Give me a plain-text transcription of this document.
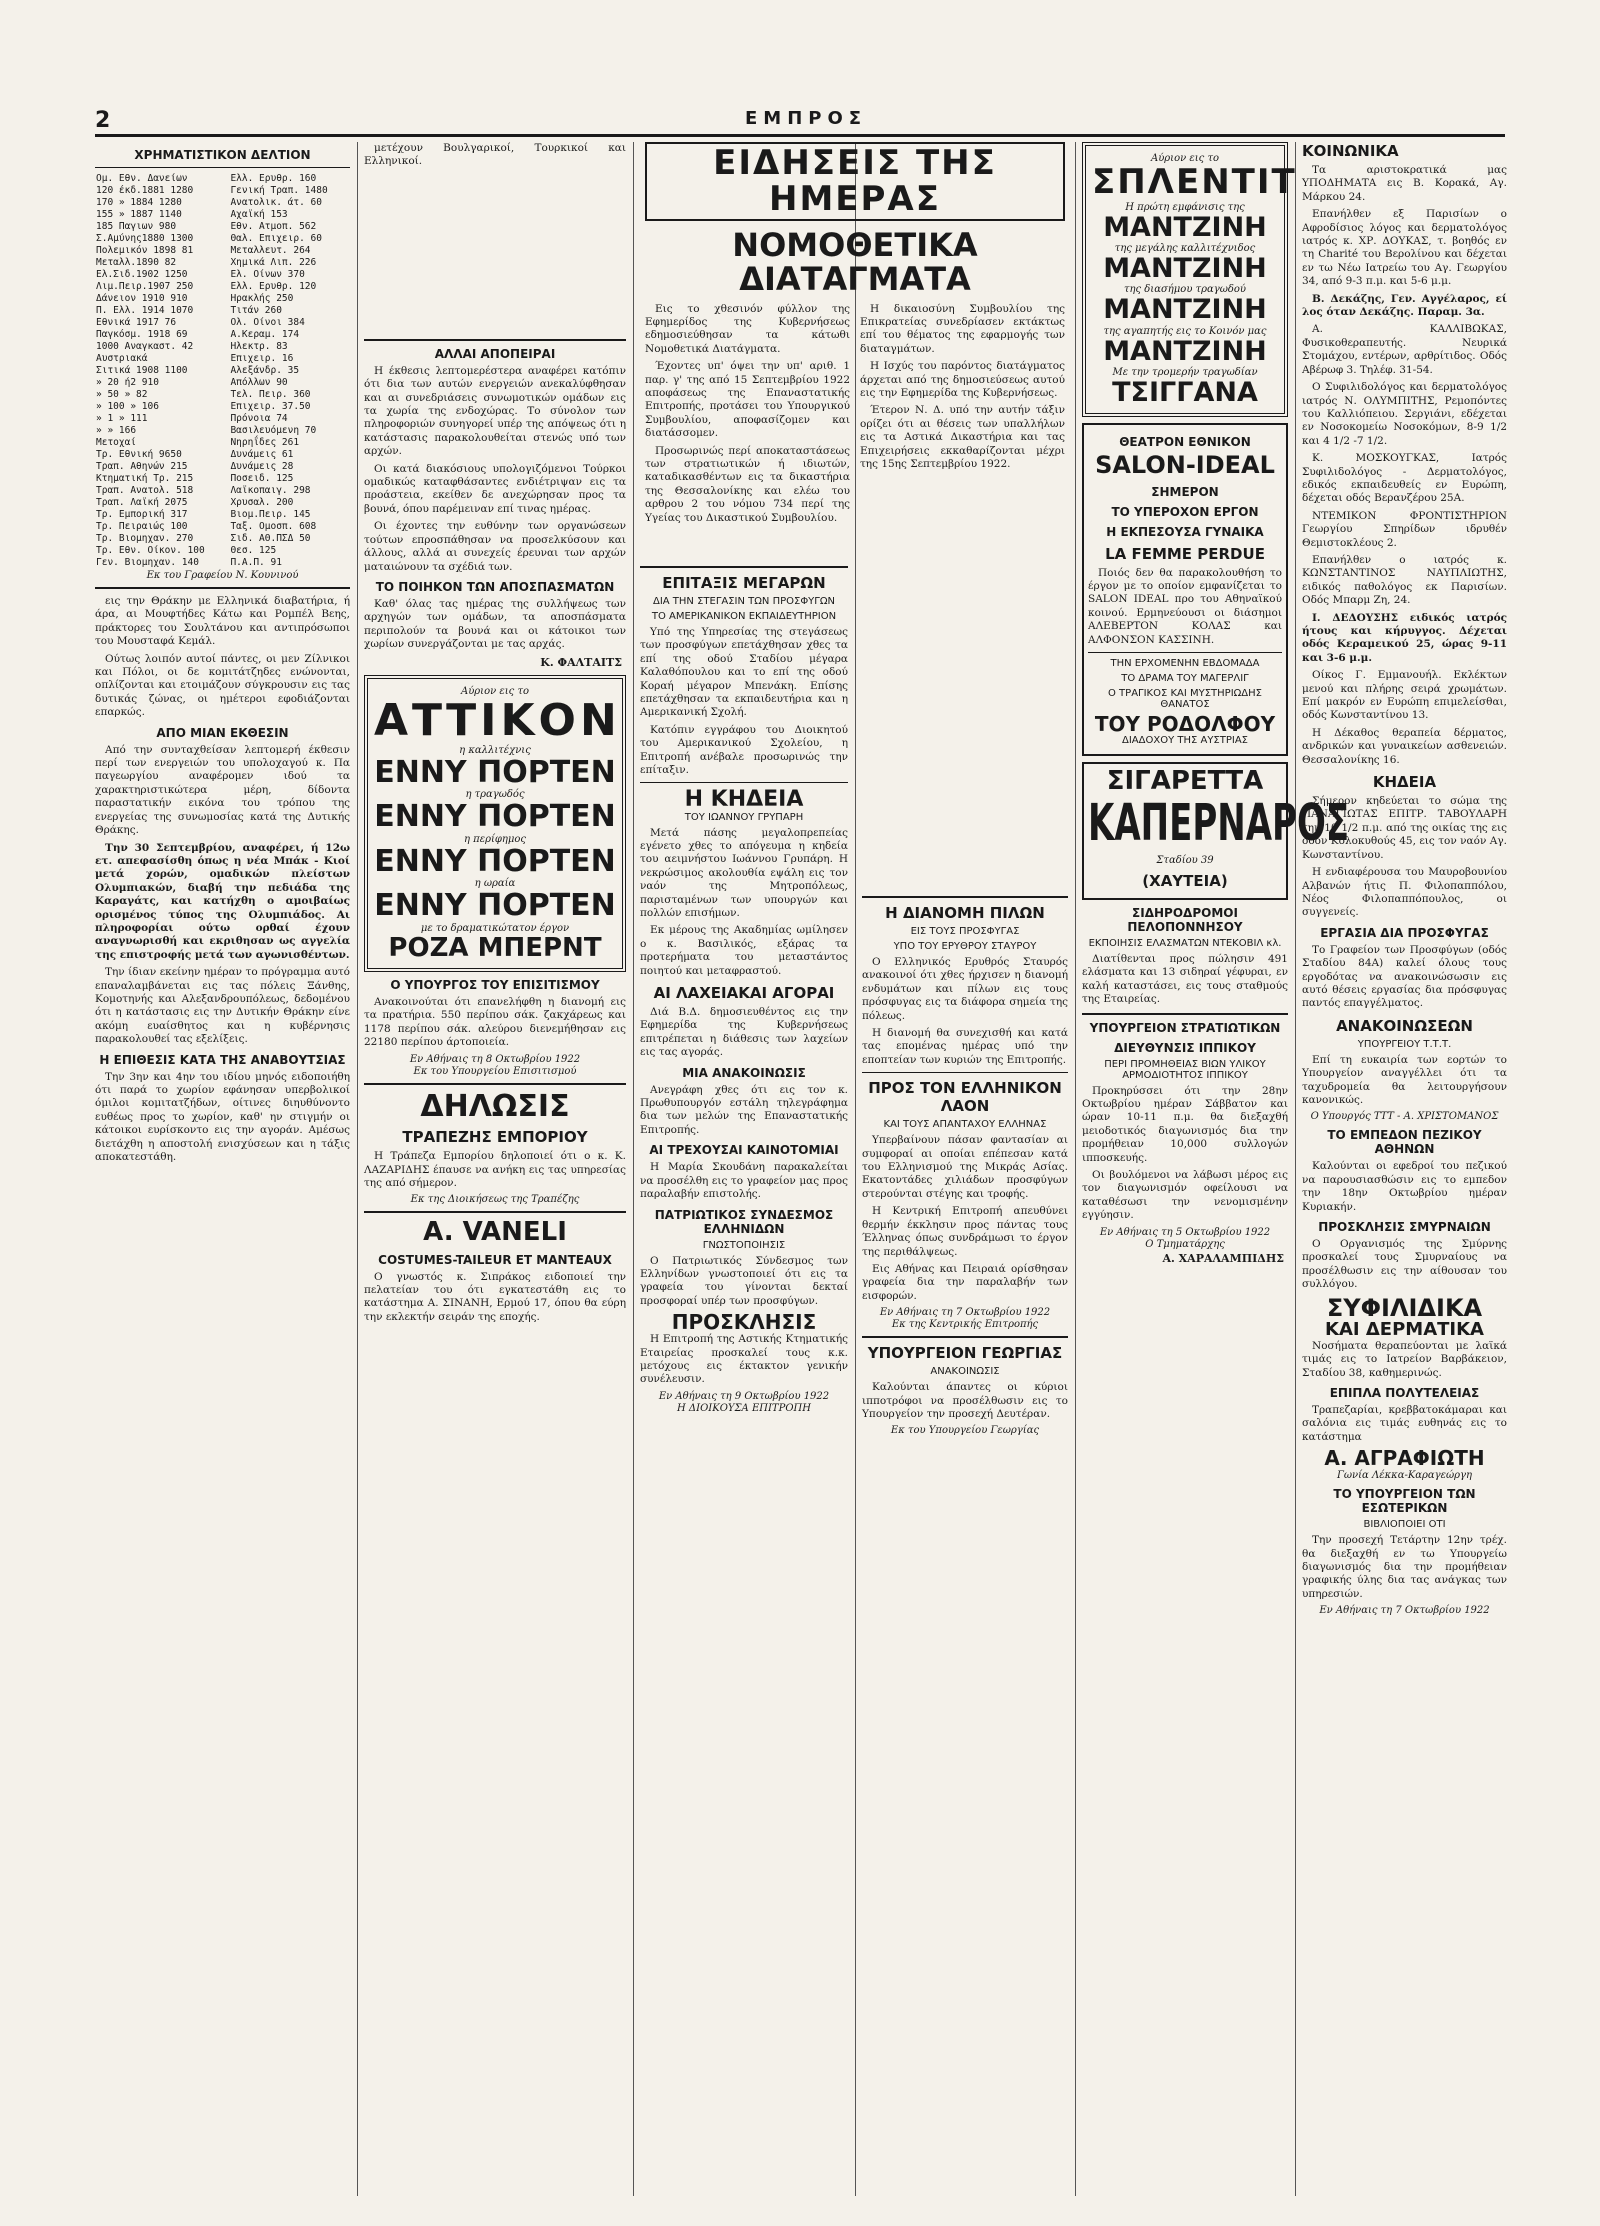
2	ΕΜΠΡΟΣ
ΧΡΗΜΑΤΙΣΤΙΚΟΝ ΔΕΛΤΙΟΝ
Ομ. Εθν. Δανείων	Ελλ. Ερυθρ. 160
120 έκδ.1881 1280	Γενική Τραπ. 1480
170 » 1884 1280	Ανατολικ. άτ. 60
155 » 1887 1140	Αχαϊκή 153
185 Παγιων 980	Εθν. Ατμοπ. 562
Σ.Αμύνης1880 1300	Θαλ. Επιχειρ. 60
Πολεμικόν 1898 81	Μεταλλευτ. 264
Μεταλλ.1890 82	Χημικά Λιπ. 226
Ελ.Σιδ.1902 1250	Ελ. Οίνων 370
Λιμ.Πειρ.1907 250	Ελλ. Ερυθρ. 120
Δάνειον 1910 910	Ηρακλής 250
Π. Ελλ. 1914 1070	Τιτάν 260
Εθνικά 1917 76	Ολ. Οίνοι 384
Παγκόσμ. 1918 69	Α.Κεραμ. 174
1000 Αναγκαστ. 42	Ηλεκτρ. 83
Αυστριακά	Επιχειρ. 16
Σιτικά 1908 1100	Αλεξάνδρ. 35
» 20 ή2 910	Απόλλων 90
» 50 » 82	Τελ. Πειρ. 360
» 100 » 106	Επιχειρ. 37.50
» 1 » 111	Πρόνοια 74
» » 166	Βασιλευόμενη 70
Μετοχαί	Νηρηΐδες 261
Τρ. Εθνική 9650	Δυνάμεις 61
Τραπ. Αθηνών 215	Δυνάμεις 28
Κτηματική Τρ. 215	Ποσειδ. 125
Τραπ. Ανατολ. 518	Λαϊκοπαιγ. 298
Τραπ. Λαϊκή 2075	Χρυσαλ. 200
Τρ. Εμπορική 317	Βιομ.Πειρ. 145
Τρ. Πειραιώς 100	Ταξ. Ομοσπ. 608
Τρ. Βιομηχαν. 270	Σιδ. ΑΘ.ΠΣΔ 50
Τρ. Εθν. Οίκον. 100	Θεσ. 125
Γεν. Βιομηχαν. 140	Π.Α.Π. 91
Εκ του Γραφείου Ν. Κουνινού

εις την Θράκην με Ελληνικά διαβατήρια, ή άρα, αι Μουφτήδες Κάτω και Ρομπέλ Βεης, πράκτορες του Σουλτάνου και αντιπρόσωποι του Μουσταφά Κεμάλ.

Ούτως λοιπόν αυτοί πάντες, οι μεν Ζίλνικοι και Πόλοι, οι δε κομιτάτζηδες ενώνονται, οπλίζονται και ετοιμάζουν σύγκρουσιν εις τας δυτικάς ζώνας, οι ημέτεροι εφοδιάζονται επαρκώς.

ΑΠΟ ΜΙΑΝ ΕΚΘΕΣΙΝ

Από την συνταχθείσαν λεπτομερή έκθεσιν περί των ενεργειών του υπολοχαγού κ. Πα παγεωργίου αναφέρομεν ιδού τα χαρακτηριστικώτερα μέρη, δίδοντα παραστατικήν εικόνα του τρόπου της ενεργείας της συνωμοσίας κατά της Δυτικής Θράκης.

Την 30 Σεπτεμβρίου, αναφέρει, ή 12ω ετ. απεφασίσθη όπως η νέα Μπάκ - Κιοί μετά χορών, ομαδικών πλείστων Ολυμπιακών, διαβή την πεδιάδα της Καραγάτς, και κατήχθη ο αμοιβαίως ορισμένος τύπος της Ολυμπιάδος. Αι πληροφορίαι ούτω ορθαί έχουν αναγνωρισθή και εκριθησαν ως αγγελία της επιστροφής μετά των αγωνισθέντων.

Την ίδιαν εκείνην ημέραν το πρόγραμμα αυτό επαναλαμβάνεται εις τας πόλεις Ξάνθης, Κομοτηνής και Αλεξανδρουπόλεως, δεδομένου ότι η κατάστασις εις την Δυτικήν Θράκην είνε ακόμη ευαίσθητος και η κυβέρνησις παρακολουθεί τας εξελίξεις.

Η ΕΠΙΘΕΣΙΣ ΚΑΤΑ ΤΗΣ ΑΝΑΒΟΥΤΣΙΑΣ

Την 3ην και 4ην του ιδίου μηνός ειδοποιήθη ότι παρά το χωρίον εφάνησαν υπερβολικοί όμιλοι κομιτατζήδων, οίτινες διηυθύνοντο ευθέως προς το χωρίον, καθ' ην στιγμήν οι κάτοικοι ευρίσκοντο εις την αγοράν. Αμέσως διετάχθη η αποστολή ενισχύσεων και η τάξις αποκατεστάθη.

μετέχουν Βουλγαρικοί, Τουρκικοί και Ελληνικοί.

ΑΛΛΑΙ ΑΠΟΠΕΙΡΑΙ

Η έκθεσις λεπτομερέστερα αναφέρει κατόπιν ότι δια των αυτών ενεργειών ανεκαλύφθησαν και αι συνεδριάσεις συνωμοτικών ομάδων εις τα χωρία της ενδοχώρας. Το σύνολον των πληροφοριών συνηγορεί υπέρ της απόψεως ότι η κατάστασις παρακολουθείται στενώς υπό των αρχών.

Οι κατά διακόσιους υπολογιζόμενοι Τούρκοι ομαδικώς καταφθάσαντες ενδιέτριψαν εις τα προάστεια, εκείθεν δε ανεχώρησαν προς τα βουνά, όπου παρέμειναν επί τινας ημέρας.

Οι έχοντες την ευθύνην των οργανώσεων τούτων επροσπάθησαν να προσελκύσουν και άλλους, αλλά αι συνεχείς έρευναι των αρχών ματαιώνουν τα σχέδιά των.

ΤΟ ΠΟΙΗΚΟΝ ΤΩΝ ΑΠΟΣΠΑΣΜΑΤΩΝ

Καθ' όλας τας ημέρας της συλλήψεως των αρχηγών των ομάδων, τα αποσπάσματα περιπολούν τα βουνά και οι κάτοικοι των χωρίων συνεργάζονται με τας αρχάς.

Κ. ΦΑΛΤΑΙΤΣ
Αύριον εις το
ΑΤΤΙΚΟΝ
η καλλιτέχνις
ΕΝΝΥ ΠΟΡΤΕΝ
η τραγωδός
ΕΝΝΥ ΠΟΡΤΕΝ
η περίφημος
ΕΝΝΥ ΠΟΡΤΕΝ
η ωραία
ΕΝΝΥ ΠΟΡΤΕΝ
με το δραματικώτατον έργον
ΡΟΖΑ ΜΠΕΡΝΤ
Ο ΥΠΟΥΡΓΟΣ ΤΟΥ ΕΠΙΣΙΤΙΣΜΟΥ

Ανακοινούται ότι επανελήφθη η διανομή εις τα πρατήρια. 550 περίπου σάκ. ζακχάρεως και 1178 περίπου σάκ. αλεύρου διενεμήθησαν εις 22180 περίπου άρτοποιεία.

Εν Αθήναις τη 8 Οκτωβρίου 1922
Εκ του Υπουργείου Επισιτισμού
ΔΗΛΩΣΙΣ
ΤΡΑΠΕΖΗΣ ΕΜΠΟΡΙΟΥ

Η Τράπεζα Εμπορίου δηλοποιεί ότι ο κ. Κ. ΛΑΖΑΡΙΔΗΣ έπαυσε να ανήκη εις τας υπηρεσίας της από σήμερον.

Εκ της Διοικήσεως της Τραπέζης
A. VANELI
COSTUMES-TAILEUR ET MANTEAUX

Ο γνωστός κ. Σιπράκος ειδοποιεί την πελατείαν του ότι εγκατεστάθη εις το κατάστημα Α. ΣΙΝΑΝΗ, Ερμού 17, όπου θα εύρη την εκλεκτήν σειράν της εποχής.

ΕΙΔΗΣΕΙΣ ΤΗΣ ΗΜΕΡΑΣ
ΝΟΜΟΘΕΤΙΚΑ ΔΙΑΤΑΓΜΑΤΑ

Εις το χθεσινόν φύλλον της Εφημερίδος της Κυβερνήσεως εδημοσιεύθησαν τα κάτωθι Νομοθετικά Διατάγματα.

Έχοντες υπ' όψει την υπ' αριθ. 1 παρ. γ' της από 15 Σεπτεμβρίου 1922 αποφάσεως της Επαναστατικής Επιτροπής, προτάσει του Υπουργικού Συμβουλίου, αποφασίζομεν και διατάσσομεν.

Προσωρινώς περί αποκαταστάσεως των στρατιωτικών ή ιδιωτών, καταδικασθέντων εις τα δικαστήρια της Θεσσαλονίκης και ελέω του αρθρου 2 του νόμου 734 περί της Υγείας του Δικαστικού Συμβουλίου.

Η δικαιοσύνη Συμβουλίου της Επικρατείας συνεδρίασεν εκτάκτως επί του θέματος της εφαρμογής των διαταγμάτων.

Η Ισχύς του παρόντος διατάγματος άρχεται από της δημοσιεύσεως αυτού εις την Εφημερίδα της Κυβερνήσεως.

Έτερον Ν. Δ. υπό την αυτήν τάξιν ορίζει ότι αι θέσεις των υπαλλήλων εις τα Αστικά Δικαστήρια και τας Επιχειρήσεις εκκαθαρίζονται μέχρι της 15ης Σεπτεμβρίου 1922.

ΕΠΙΤΑΞΙΣ ΜΕΓΑΡΩΝ
ΔΙΑ ΤΗΝ ΣΤΕΓΑΣΙΝ ΤΩΝ ΠΡΟΣΦΥΓΩΝ
ΤΟ ΑΜΕΡΙΚΑΝΙΚΟΝ ΕΚΠΑΙΔΕΥΤΗΡΙΟΝ

Υπό της Υπηρεσίας της στεγάσεως των προσφύγων επετάχθησαν χθες τα επί της οδού Σταδίου μέγαρα Καλαθόπουλου και το επί της οδού Κοραή μέγαρον Μπενάκη. Επίσης επετάχθησαν τα εκπαιδευτήρια και η Αμερικανική Σχολή.

Κατόπιν εγγράφου του Διοικητού του Αμερικανικού Σχολείου, η Επιτροπή ανέβαλε προσωρινώς την επίταξιν.

Η ΚΗΔΕΙΑ
ΤΟΥ ΙΩΑΝΝΟΥ ΓΡΥΠΑΡΗ

Μετά πάσης μεγαλοπρεπείας εγένετο χθες το απόγευμα η κηδεία του αειμνήστου Ιωάννου Γρυπάρη. Η νεκρώσιμος ακολουθία εψάλη εις τον ναόν της Μητροπόλεως, παρισταμένων των υπουργών και πολλών επισήμων.

Εκ μέρους της Ακαδημίας ωμίλησεν ο κ. Βασιλικός, εξάρας τα προτερήματα του μεταστάντος ποιητού και μεταφραστού.

ΑΙ ΛΑΧΕΙΑΚΑΙ ΑΓΟΡΑΙ

Διά Β.Δ. δημοσιευθέντος εις την Εφημερίδα της Κυβερνήσεως επιτρέπεται η διάθεσις των λαχείων εις τας αγοράς.

ΜΙΑ ΑΝΑΚΟΙΝΩΣΙΣ

Ανεγράφη χθες ότι εις τον κ. Πρωθυπουργόν εστάλη τηλεγράφημα δια των μελών της Επαναστατικής Επιτροπής.

ΑΙ ΤΡΕΧΟΥΣΑΙ ΚΑΙΝΟΤΟΜΙΑΙ

Η Μαρία Σκουδάνη παρακαλείται να προσέλθη εις το γραφείον μας προς παραλαβήν επιστολής.

ΠΑΤΡΙΩΤΙΚΟΣ ΣΥΝΔΕΣΜΟΣ ΕΛΛΗΝΙΔΩΝ
ΓΝΩΣΤΟΠΟΙΗΣΙΣ

Ο Πατριωτικός Σύνδεσμος των Ελληνίδων γνωστοποιεί ότι εις τα γραφεία του γίνονται δεκταί προσφοραί υπέρ των προσφύγων.

ΠΡΟΣΚΛΗΣΙΣ

Η Επιτροπή της Αστικής Κτηματικής Εταιρείας προσκαλεί τους κ.κ. μετόχους εις έκτακτον γενικήν συνέλευσιν.

Εν Αθήναις τη 9 Οκτωβρίου 1922
Η ΔΙΟΙΚΟΥΣΑ ΕΠΙΤΡΟΠΗ
Η ΔΙΑΝΟΜΗ ΠΙΛΩΝ
ΕΙΣ ΤΟΥΣ ΠΡΟΣΦΥΓΑΣ
ΥΠΟ ΤΟΥ ΕΡΥΘΡΟΥ ΣΤΑΥΡΟΥ

Ο Ελληνικός Ερυθρός Σταυρός ανακοινοί ότι χθες ήρχισεν η διανομή ενδυμάτων και πίλων εις τους πρόσφυγας εις τα διάφορα σημεία της πόλεως.

Η διανομή θα συνεχισθή και κατά τας επομένας ημέρας υπό την εποπτείαν των κυριών της Επιτροπής.

ΠΡΟΣ ΤΟΝ ΕΛΛΗΝΙΚΟΝ ΛΑΟΝ
ΚΑΙ ΤΟΥΣ ΑΠΑΝΤΑΧΟΥ ΕΛΛΗΝΑΣ

Υπερβαίνουν πάσαν φαντασίαν αι συμφοραί αι οποίαι επέπεσαν κατά του Ελληνισμού της Μικράς Ασίας. Εκατοντάδες χιλιάδων προσφύγων στερούνται στέγης και τροφής.

Η Κεντρική Επιτροπή απευθύνει θερμήν έκκλησιν προς πάντας τους Έλληνας όπως συνδράμωσι το έργον της περιθάλψεως.

Εις Αθήνας και Πειραιά ορίσθησαν γραφεία δια την παραλαβήν των εισφορών.

Εν Αθήναις τη 7 Οκτωβρίου 1922
Εκ της Κεντρικής Επιτροπής
ΥΠΟΥΡΓΕΙΟΝ ΓΕΩΡΓΙΑΣ
ΑΝΑΚΟΙΝΩΣΙΣ

Καλούνται άπαντες οι κύριοι ιπποτρόφοι να προσέλθωσιν εις το Υπουργείον την προσεχή Δευτέραν.

Εκ του Υπουργείου Γεωργίας
Αύριον εις το
ΣΠΛΕΝΤΙΤ
Η πρώτη εμφάνισις της
ΜΑΝΤΖΙΝΗ
της μεγάλης καλλιτέχνιδος
ΜΑΝΤΖΙΝΗ
της διασήμου τραγωδού
ΜΑΝΤΖΙΝΗ
της αγαπητής εις το Κοινόν μας
ΜΑΝΤΖΙΝΗ
Με την τρομερήν τραγωδίαν
ΤΣΙΓΓΑΝΑ
ΘΕΑΤΡΟΝ ΕΘΝΙΚΟΝ
SALON-IDEAL
ΣΗΜΕΡΟΝ
ΤΟ ΥΠΕΡΟΧΟΝ ΕΡΓΟΝ
Η ΕΚΠΕΣΟΥΣΑ ΓΥΝΑΙΚΑ
LA FEMME PERDUE

Ποιός δεν θα παρακολουθήση το έργον με το οποίον εμφανίζεται το SALON IDEAL προ του Αθηναϊκού κοινού. Ερμηνεύουσι οι διάσημοι ΑΛΕΒΕΡΤΟΝ ΚΟΛΑΣ και ΑΛΦΟΝΣΟΝ ΚΑΣΣΙΝΗ.

ΤΗΝ ΕΡΧΟΜΕΝΗΝ ΕΒΔΟΜΑΔΑ
ΤΟ ΔΡΑΜΑ ΤΟΥ ΜΑΓΕΡΛΙΓ
Ο ΤΡΑΓΙΚΟΣ ΚΑΙ ΜΥΣΤΗΡΙΩΔΗΣ ΘΑΝΑΤΟΣ
ΤΟΥ ΡΟΔΟΛΦΟΥ
ΔΙΑΔΟΧΟΥ ΤΗΣ ΑΥΣΤΡΙΑΣ
ΣΙΓΑΡΕΤΤΑ
ΚΑΠΕΡΝΑΡΟΣ
Σταδίου 39
(ΧΑΥΤΕΙΑ)
ΣΙΔΗΡΟΔΡΟΜΟΙ ΠΕΛΟΠΟΝΝΗΣΟΥ
ΕΚΠΟΙΗΣΙΣ ΕΛΑΣΜΑΤΩΝ ΝΤΕΚΟΒΙΛ κλ.

Διατίθενται προς πώλησιν 491 ελάσματα και 13 σιδηραί γέφυραι, εν καλή καταστάσει, εις τους σταθμούς της Εταιρείας.

ΥΠΟΥΡΓΕΙΟΝ ΣΤΡΑΤΙΩΤΙΚΩΝ
ΔΙΕΥΘΥΝΣΙΣ ΙΠΠΙΚΟΥ
ΠΕΡΙ ΠΡΟΜΗΘΕΙΑΣ ΒΙΩΝ ΥΛΙΚΟΥ ΑΡΜΟΔΙΟΤΗΤΟΣ ΙΠΠΙΚΟΥ

Προκηρύσσει ότι την 28ην Οκτωβρίου ημέραν Σάββατον και ώραν 10-11 π.μ. θα διεξαχθή μειοδοτικός διαγωνισμός δια την προμήθειαν 10,000 συλλογών ιπποσκευής.

Οι βουλόμενοι να λάβωσι μέρος εις τον διαγωνισμόν οφείλουσι να καταθέσωσι την νενομισμένην εγγύησιν.

Εν Αθήναις τη 5 Οκτωβρίου 1922
Ο Τμηματάρχης
Α. ΧΑΡΑΛΑΜΠΙΔΗΣ
ΚΟΙΝΩΝΙΚΑ

Τα αριστοκρατικά μας ΥΠΟΔΗΜΑΤΑ εις Β. Κορακά, Αγ. Μάρκου 24.

Επανήλθεν εξ Παρισίων ο Αφροδίσιος λόγος και δερματολόγος ιατρός κ. ΧΡ. ΔΟΥΚΑΣ, τ. βοηθός εν τη Charité του Βερολίνου και δέχεται εν τω Νέω Ιατρείω του Αγ. Γεωργίου 34, από 9-3 π.μ. και 5-6 μ.μ.

Β. Δεκάζης, Γεν. Αγγέλαρος, εί λος όταν Δεκάζης. Παραμ. 3α.

Α. ΚΑΛΛΙΒΩΚΑΣ, Φυσικοθεραπευτής. Νευρικά Στομάχου, εντέρων, αρθρίτιδος. Οδός Αβέρωφ 3. Τηλέφ. 31-54.

Ο Συφιλιδολόγος και δερματολόγος ιατρός Ν. ΟΛΥΜΠΙΤΗΣ, Ρεμοπόντες του Καλλιόπειου. Σεργιάνι, εδέχεται εν Νοσοκομείω Νοσοκόμων, 8-9 1/2 και 4 1/2 -7 1/2.

Κ. ΜΟΣΚΟΥΓΚΑΣ, Ιατρός Συφιλιδολόγος - Δερματολόγος, εδικός εκπαιδευθείς εν Ευρώπη, δέχεται οδός Βερανζέρου 25Α.

ΝΤΕΜΙΚΟΝ ΦΡΟΝΤΙΣΤΗΡΙΟΝ Γεωργίου Σπηρίδων ιδρυθέν Θεμιστοκλέους 2.

Επανήλθεν ο ιατρός κ. ΚΩΝΣΤΑΝΤΙΝΟΣ ΝΑΥΠΛΙΩΤΗΣ, ειδικός παθολόγος εκ Παρισίων. Οδός Μπαρμ Ζη, 24.

Ι. ΔΕΔΟΥΣΗΣ ειδικός ιατρός ήτους και κήρυγγος. Δέχεται οδός Κεραμεικού 25, ώρας 9-11 και 3-6 μ.μ.

Οίκος Γ. Εμμανουήλ. Εκλέκτων μενού και πλήρης σειρά χρωμάτων. Επί μακρόν εν Ευρώπη επιμελείσθαι, οδός Κωνσταντίνου 13.

Η Δέκαθος θεραπεία δέρματος, ανδρικών και γυναικείων ασθενειών. Θεσσαλονίκης 16.

ΚΗΔΕΙΑ

Σήμερον κηδεύεται το σώμα της ΠΑΝΑΓΙΩΤΑΣ ΕΠΙΤΡ. ΤΑΒΟΥΛΑΡΗ την 10 1/2 π.μ. από της οικίας της εις οδόν Κολοκυθούς 45, εις τον ναόν Αγ. Κωνσταντίνου.

Η ενδιαφέρουσα του Μαυροβουνίου Αλβανών ήτις Π. Φιλοπαππόλου, Νέος Φιλοπαππόπουλος, οι συγγενείς.

ΕΡΓΑΣΙΑ ΔΙΑ ΠΡΟΣΦΥΓΑΣ

Το Γραφείον των Προσφύγων (οδός Σταδίου 84Α) καλεί όλους τους εργοδότας να ανακοινώσωσιν εις αυτό θέσεις εργασίας δια πρόσφυγας παντός επαγγέλματος.

ΑΝΑΚΟΙΝΩΣΕΩΝ
ΥΠΟΥΡΓΕΙΟΥ Τ.Τ.Τ.

Επί τη ευκαιρία των εορτών το Υπουργείον αναγγέλλει ότι τα ταχυδρομεία θα λειτουργήσουν κανονικώς.

Ο Υπουργός ΤΤΤ - Α. ΧΡΙΣΤΟΜΑΝΟΣ
ΤΟ ΕΜΠΕΔΟΝ ΠΕΖΙΚΟΥ ΑΘΗΝΩΝ

Καλούνται οι εφεδροί του πεζικού να παρουσιασθώσιν εις το εμπεδον την 18ην Οκτωβρίου ημέραν Κυριακήν.

ΠΡΟΣΚΛΗΣΙΣ ΣΜΥΡΝΑΙΩΝ

Ο Οργανισμός της Σμύρνης προσκαλεί τους Σμυρναίους να προσέλθωσιν εις την αίθουσαν του συλλόγου.

ΣΥΦΙΛΙΔΙΚΑ
ΚΑΙ ΔΕΡΜΑΤΙΚΑ

Νοσήματα θεραπεύονται με λαϊκά τιμάς εις το Ιατρείον Βαρβάκειον, Σταδίου 38, καθημερινώς.

ΕΠΙΠΛΑ ΠΟΛΥΤΕΛΕΙΑΣ

Τραπεζαρίαι, κρεββατοκάμαραι και σαλόνια εις τιμάς ευθηνάς εις το κατάστημα

Α. ΑΓΡΑΦΙΩΤΗ
Γωνία Λέκκα-Καραγεώργη
ΤΟ ΥΠΟΥΡΓΕΙΟΝ ΤΩΝ ΕΣΩΤΕΡΙΚΩΝ
ΒΙΒΛΙΟΠΟΙΕΙ ΟΤΙ

Την προσεχή Τετάρτην 12ην τρέχ. θα διεξαχθή εν τω Υπουργείω διαγωνισμός δια την προμήθειαν γραφικής ύλης δια τας ανάγκας των υπηρεσιών.

Εν Αθήναις τη 7 Οκτωβρίου 1922
